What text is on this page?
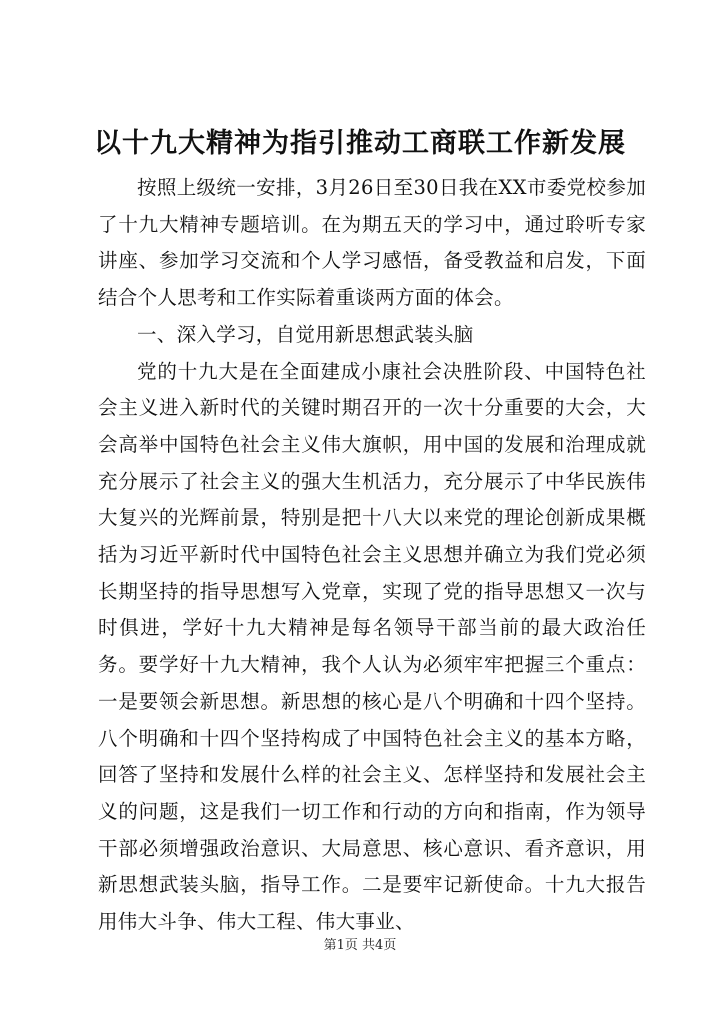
以十九大精神为指引推动工商联工作新发展

按照上级统一安排，3月26日至30日我在XX市委党校参加了十九大精神专题培训。在为期五天的学习中，通过聆听专家讲座、参加学习交流和个人学习感悟，备受教益和启发，下面结合个人思考和工作实际着重谈两方面的体会。

一、深入学习，自觉用新思想武装头脑

党的十九大是在全面建成小康社会决胜阶段、中国特色社会主义进入新时代的关键时期召开的一次十分重要的大会，大会高举中国特色社会主义伟大旗帜，用中国的发展和治理成就充分展示了社会主义的强大生机活力，充分展示了中华民族伟大复兴的光辉前景，特别是把十八大以来党的理论创新成果概括为习近平新时代中国特色社会主义思想并确立为我们党必须长期坚持的指导思想写入党章，实现了党的指导思想又一次与时俱进，学好十九大精神是每名领导干部当前的最大政治任务。要学好十九大精神，我个人认为必须牢牢把握三个重点：一是要领会新思想。新思想的核心是八个明确和十四个坚持。八个明确和十四个坚持构成了中国特色社会主义的基本方略，回答了坚持和发展什么样的社会主义、怎样坚持和发展社会主义的问题，这是我们一切工作和行动的方向和指南，作为领导干部必须增强政治意识、大局意思、核心意识、看齐意识，用新思想武装头脑，指导工作。二是要牢记新使命。十九大报告用伟大斗争、伟大工程、伟大事业、

第1页 共4页
